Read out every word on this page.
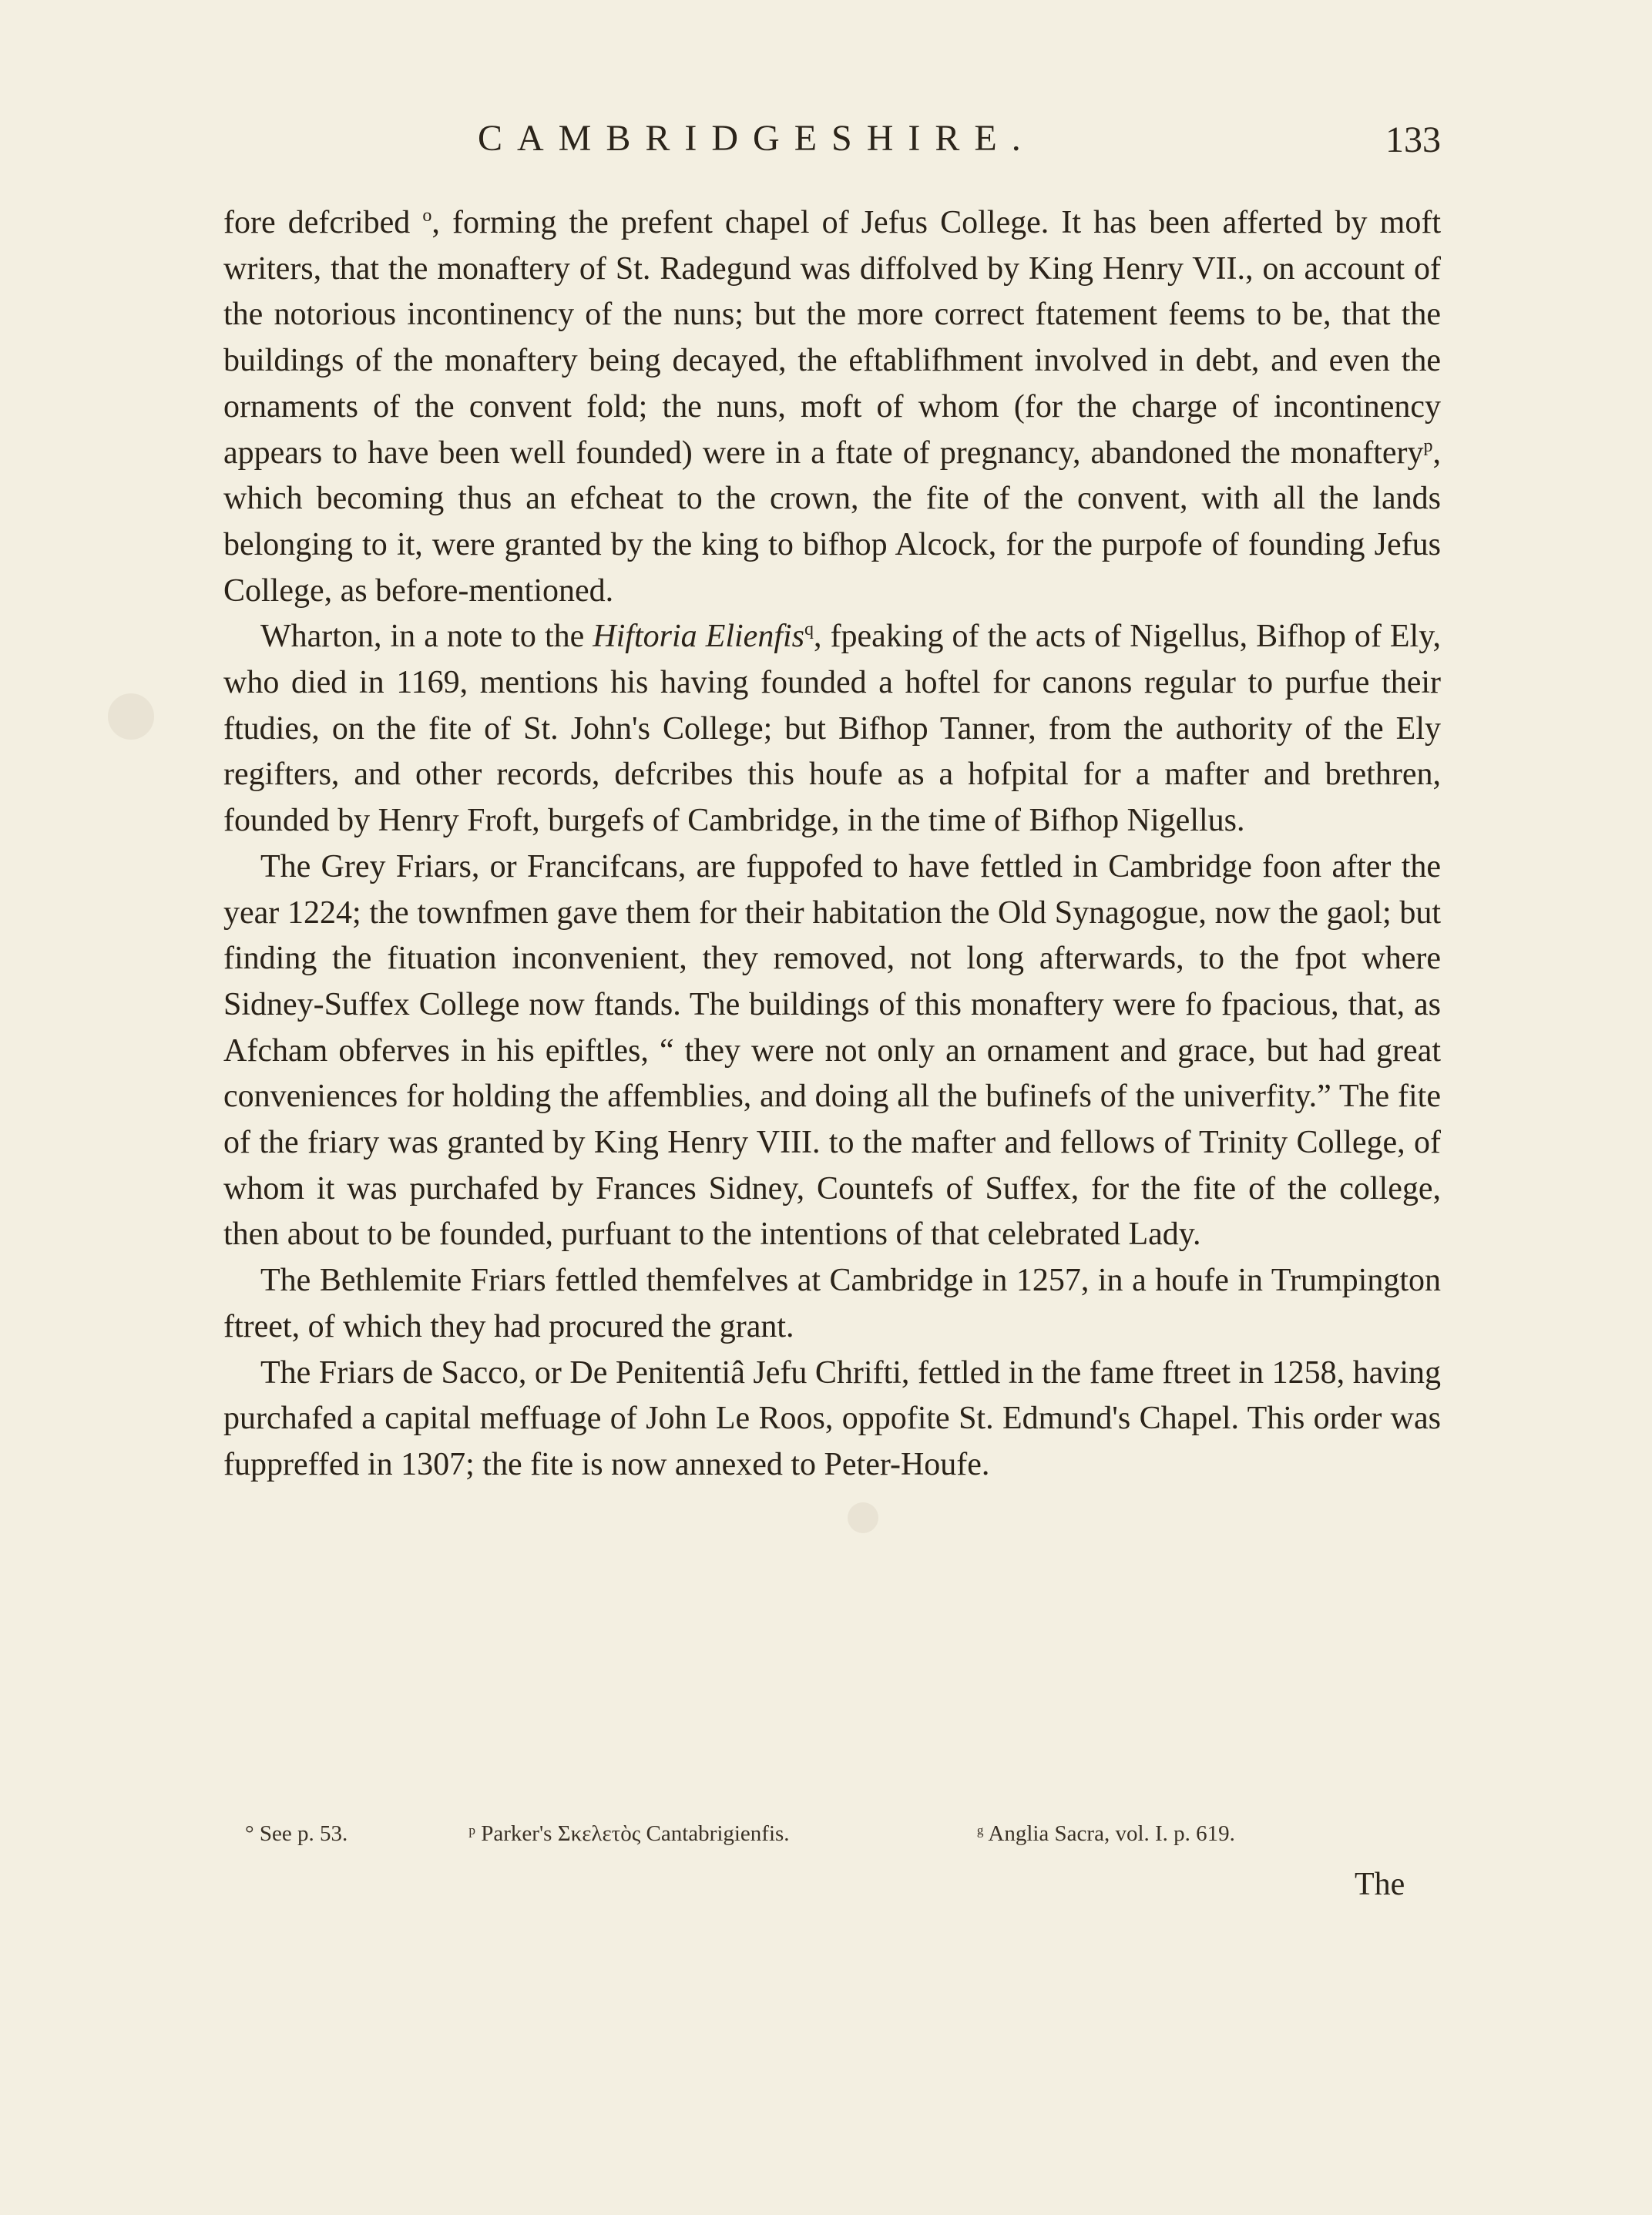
CAMBRIDGESHIRE.	133

fore defcribed $^o$, forming the prefent chapel of Jefus College. It has been afferted by moft writers, that the monaftery of St. Radegund was diffolved by King Henry VII., on account of the notorious incontinency of the nuns; but the more correct ftatement feems to be, that the buildings of the monaftery being decayed, the eftablifhment involved in debt, and even the ornaments of the convent fold; the nuns, moft of whom (for the charge of incontinency appears to have been well founded) were in a ftate of pregnancy, abandoned the monaftery$^p$, which becoming thus an efcheat to the crown, the fite of the convent, with all the lands belonging to it, were granted by the king to bifhop Alcock, for the purpofe of founding Jefus College, as before-mentioned.

Wharton, in a note to the Hiftoria Elienfis$^q$, fpeaking of the acts of Nigellus, Bifhop of Ely, who died in 1169, mentions his having founded a hoftel for canons regular to purfue their ftudies, on the fite of St. John's College; but Bifhop Tanner, from the authority of the Ely regifters, and other records, defcribes this houfe as a hofpital for a mafter and brethren, founded by Henry Froft, burgefs of Cambridge, in the time of Bifhop Nigellus.

The Grey Friars, or Francifcans, are fuppofed to have fettled in Cambridge foon after the year 1224; the townfmen gave them for their habitation the Old Synagogue, now the gaol; but finding the fituation inconvenient, they removed, not long afterwards, to the fpot where Sidney-Suffex College now ftands. The buildings of this monaftery were fo fpacious, that, as Afcham obferves in his epiftles, “ they were not only an ornament and grace, but had great conveniences for holding the affemblies, and doing all the bufinefs of the univerfity.” The fite of the friary was granted by King Henry VIII. to the mafter and fellows of Trinity College, of whom it was purchafed by Frances Sidney, Countefs of Suffex, for the fite of the college, then about to be founded, purfuant to the intentions of that celebrated Lady.

The Bethlemite Friars fettled themfelves at Cambridge in 1257, in a houfe in Trumpington ftreet, of which they had procured the grant.

The Friars de Sacco, or De Penitentiâ Jefu Chrifti, fettled in the fame ftreet in 1258, having purchafed a capital meffuage of John Le Roos, oppofite St. Edmund's Chapel. This order was fuppreffed in 1307; the fite is now annexed to Peter-Houfe.

° See p. 53.	ᵖ Parker's Σκελετὸς Cantabrigienfis.	ᵍ Anglia Sacra, vol. I. p. 619.
The
